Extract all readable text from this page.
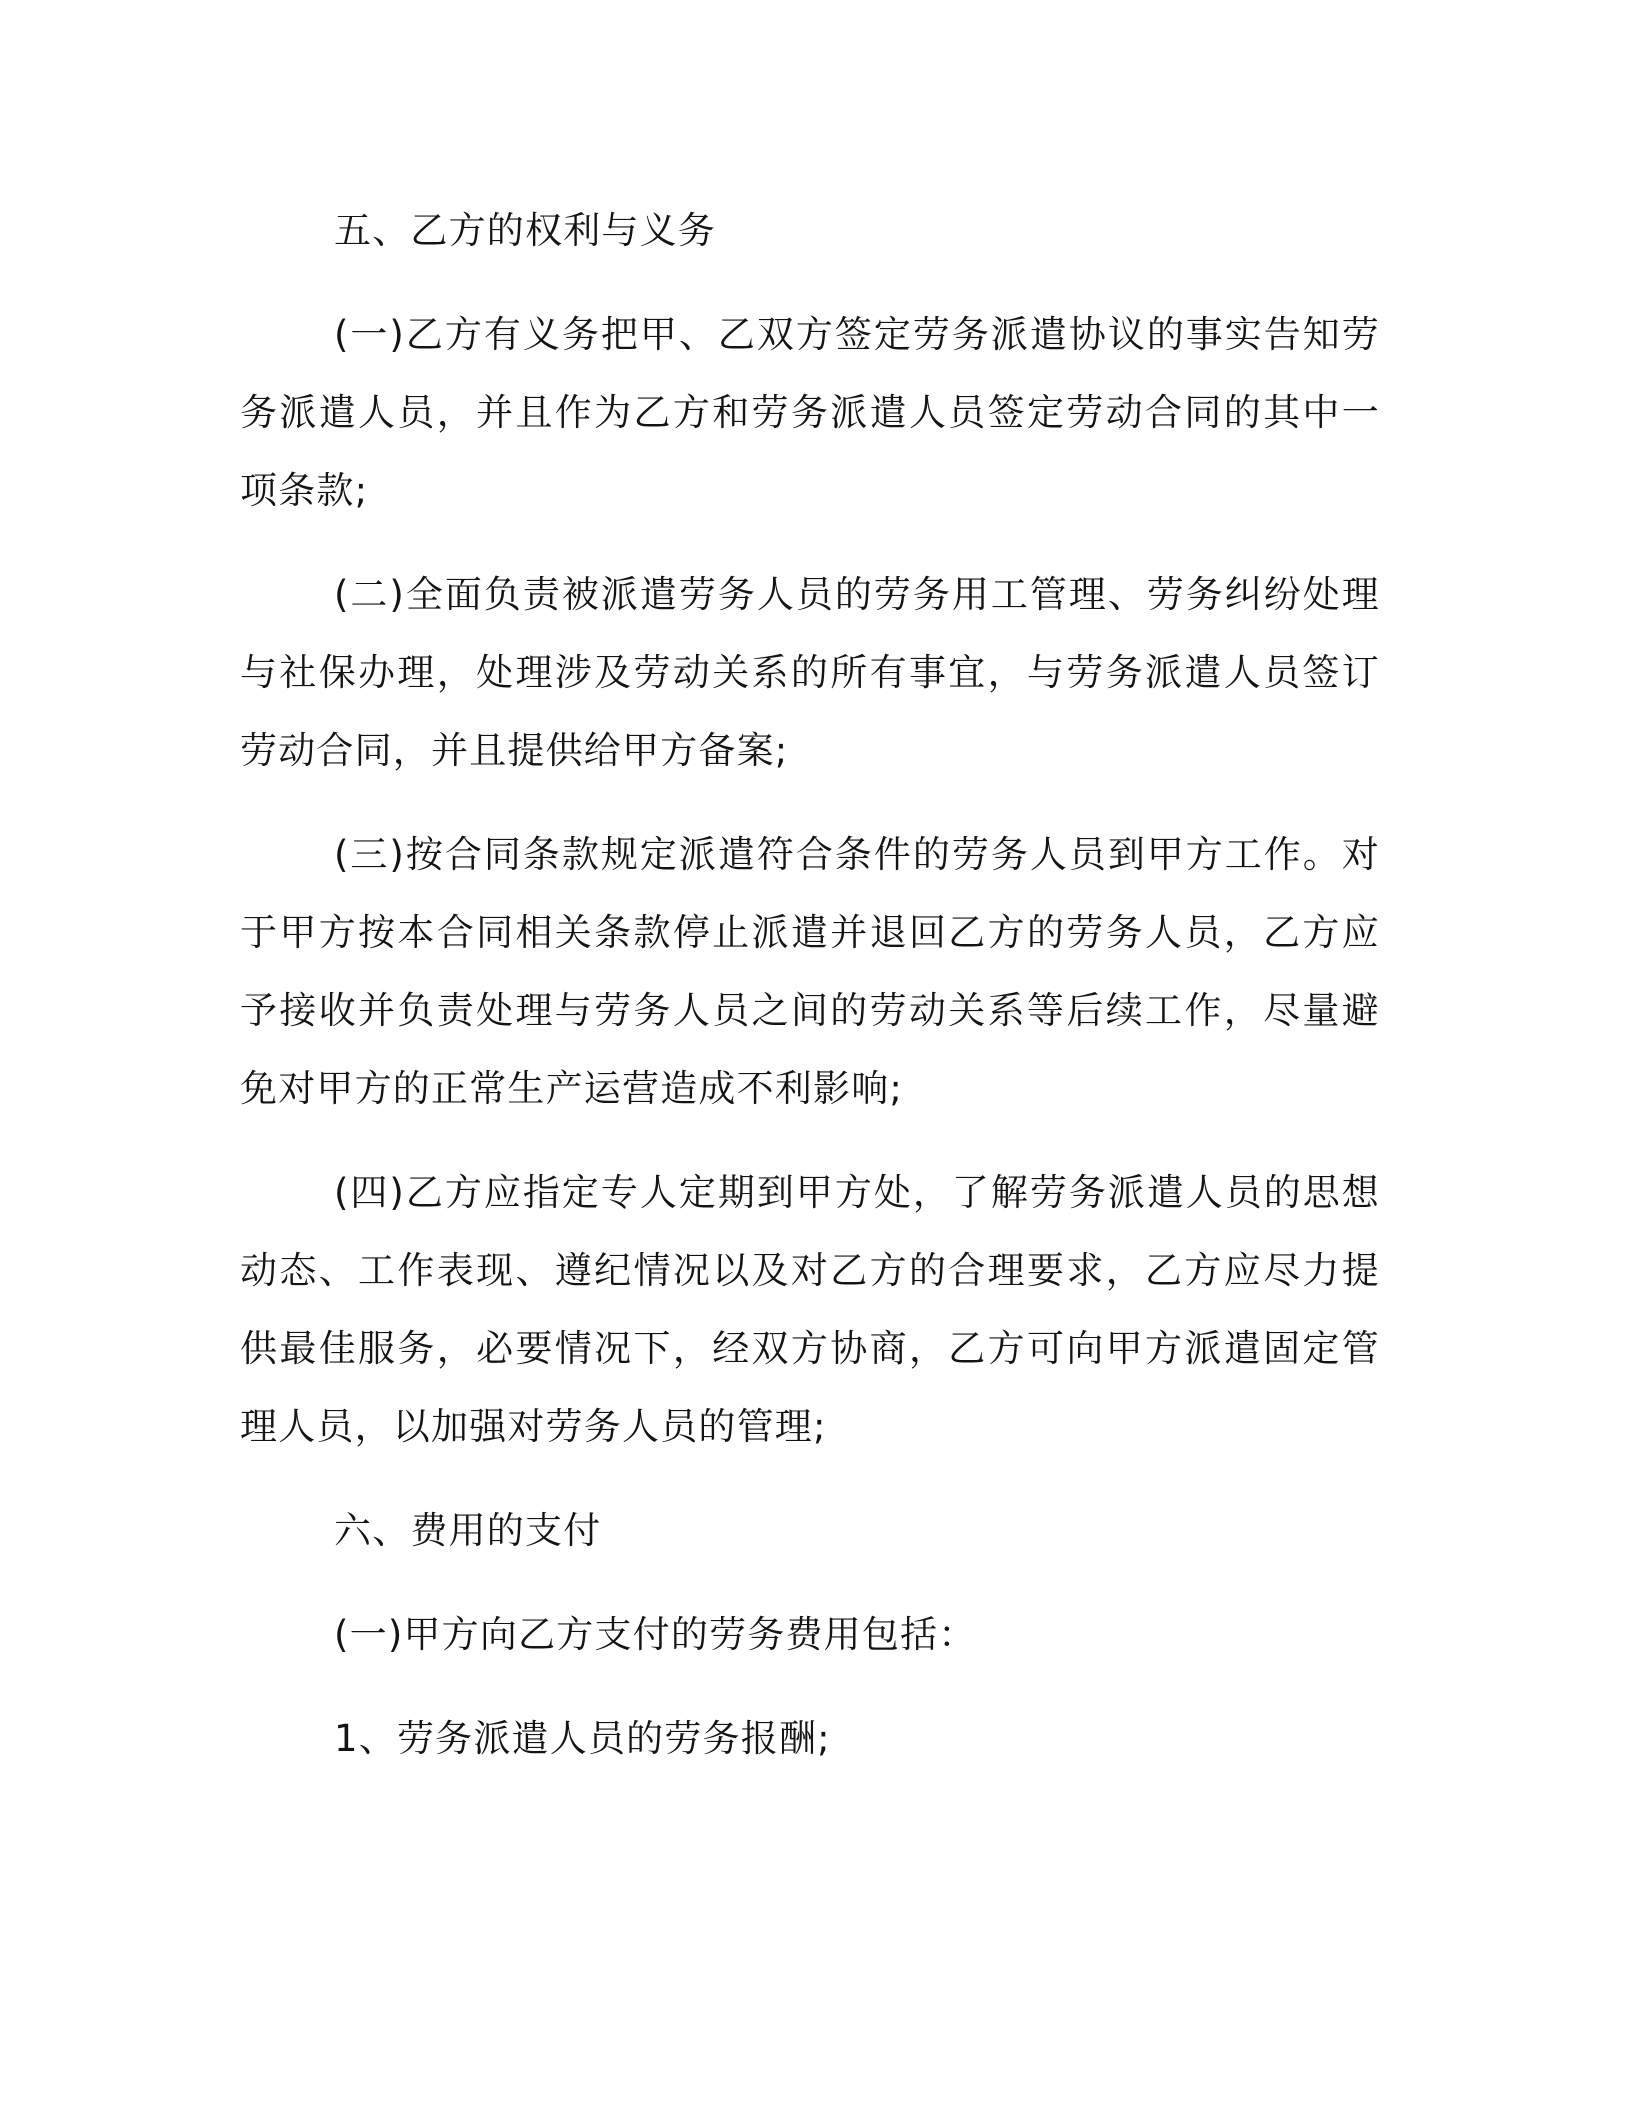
五、乙方的权利与义务

(一)乙方有义务把甲、乙双方签定劳务派遣协议的事实告知劳务派遣人员，并且作为乙方和劳务派遣人员签定劳动合同的其中一项条款;

(二)全面负责被派遣劳务人员的劳务用工管理、劳务纠纷处理与社保办理，处理涉及劳动关系的所有事宜，与劳务派遣人员签订劳动合同，并且提供给甲方备案;

(三)按合同条款规定派遣符合条件的劳务人员到甲方工作。对于甲方按本合同相关条款停止派遣并退回乙方的劳务人员，乙方应予接收并负责处理与劳务人员之间的劳动关系等后续工作，尽量避免对甲方的正常生产运营造成不利影响;

(四)乙方应指定专人定期到甲方处，了解劳务派遣人员的思想动态、工作表现、遵纪情况以及对乙方的合理要求，乙方应尽力提供最佳服务，必要情况下，经双方协商，乙方可向甲方派遣固定管理人员，以加强对劳务人员的管理;

六、费用的支付

(一)甲方向乙方支付的劳务费用包括：

1、劳务派遣人员的劳务报酬;
